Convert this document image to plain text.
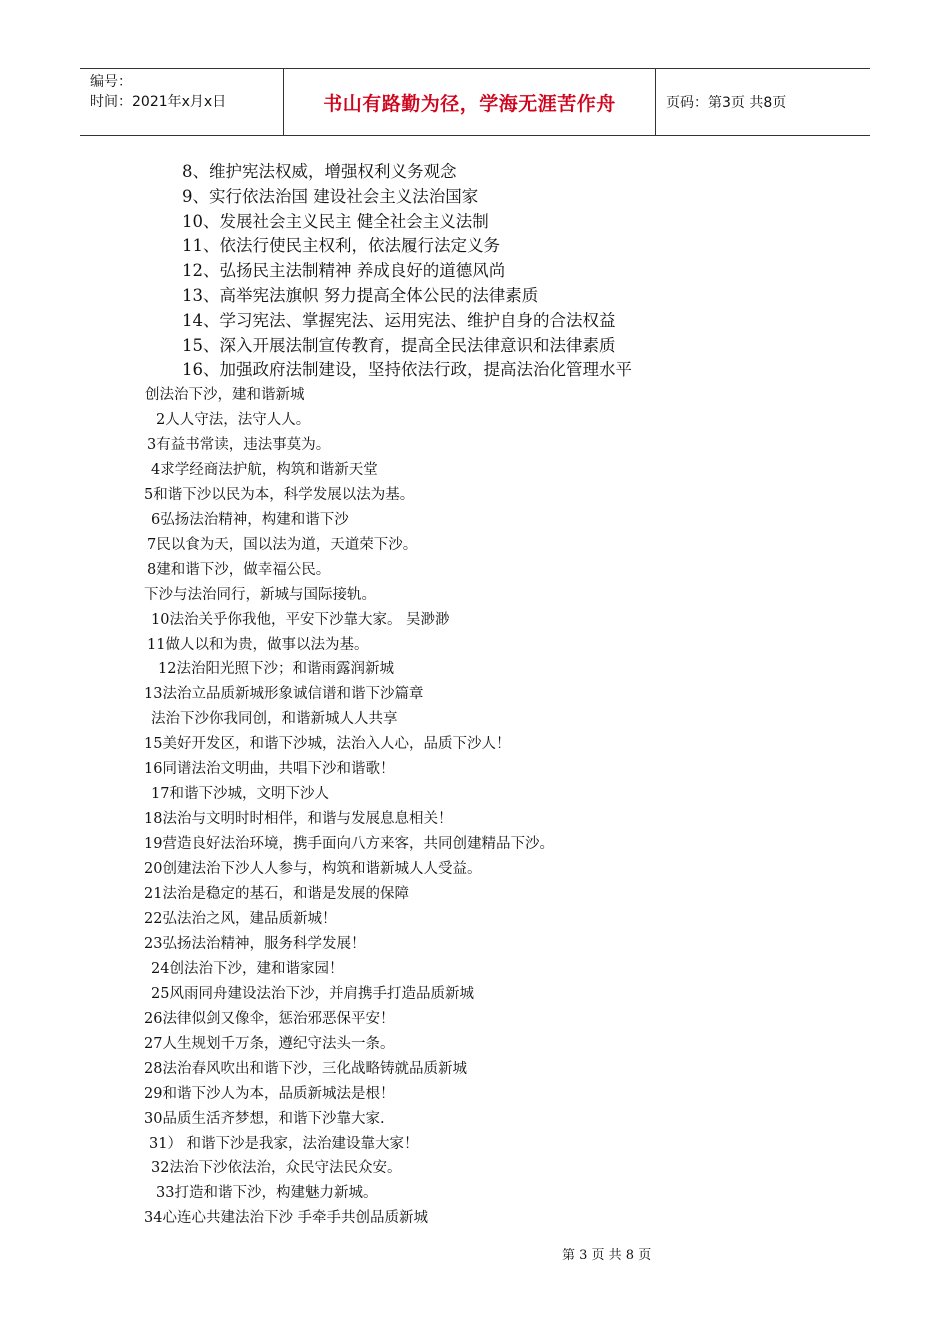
编号：
时间：2021年x月x日	书山有路勤为径，学海无涯苦作舟	页码：第3页 共8页
8、维护宪法权威，增强权利义务观念
9、实行依法治国 建设社会主义法治国家
10、发展社会主义民主 健全社会主义法制
11、依法行使民主权利，依法履行法定义务
12、弘扬民主法制精神 养成良好的道德风尚
13、高举宪法旗帜 努力提高全体公民的法律素质
14、学习宪法、掌握宪法、运用宪法、维护自身的合法权益
15、深入开展法制宣传教育，提高全民法律意识和法律素质
16、加强政府法制建设，坚持依法行政，提高法治化管理水平
创法治下沙，建和谐新城
2人人守法，法守人人。
3有益书常读，违法事莫为。
4求学经商法护航，构筑和谐新天堂
5和谐下沙以民为本，科学发展以法为基。
6弘扬法治精神，构建和谐下沙
7民以食为天，国以法为道，天道荣下沙。
8建和谐下沙，做幸福公民。
下沙与法治同行，新城与国际接轨。
10法治关乎你我他，平安下沙靠大家。 吴渺渺
11做人以和为贵，做事以法为基。
12法治阳光照下沙；和谐雨露润新城
13法治立品质新城形象诚信谱和谐下沙篇章
法治下沙你我同创，和谐新城人人共享
15美好开发区，和谐下沙城，法治入人心，品质下沙人！
16同谱法治文明曲，共唱下沙和谐歌！
17和谐下沙城，文明下沙人
18法治与文明时时相伴，和谐与发展息息相关！
19营造良好法治环境，携手面向八方来客，共同创建精品下沙。
20创建法治下沙人人参与，构筑和谐新城人人受益。
21法治是稳定的基石，和谐是发展的保障
22弘法治之风，建品质新城！
23弘扬法治精神，服务科学发展！
24创法治下沙，建和谐家园！
25风雨同舟建设法治下沙，并肩携手打造品质新城
26法律似剑又像伞，惩治邪恶保平安！
27人生规划千万条，遵纪守法头一条。
28法治春风吹出和谐下沙，三化战略铸就品质新城
29和谐下沙人为本，品质新城法是根！
30品质生活齐梦想，和谐下沙靠大家.
31） 和谐下沙是我家，法治建设靠大家！
32法治下沙依法治，众民守法民众安。
33打造和谐下沙，构建魅力新城。
34心连心共建法治下沙 手牵手共创品质新城
第 3 页 共 8 页
